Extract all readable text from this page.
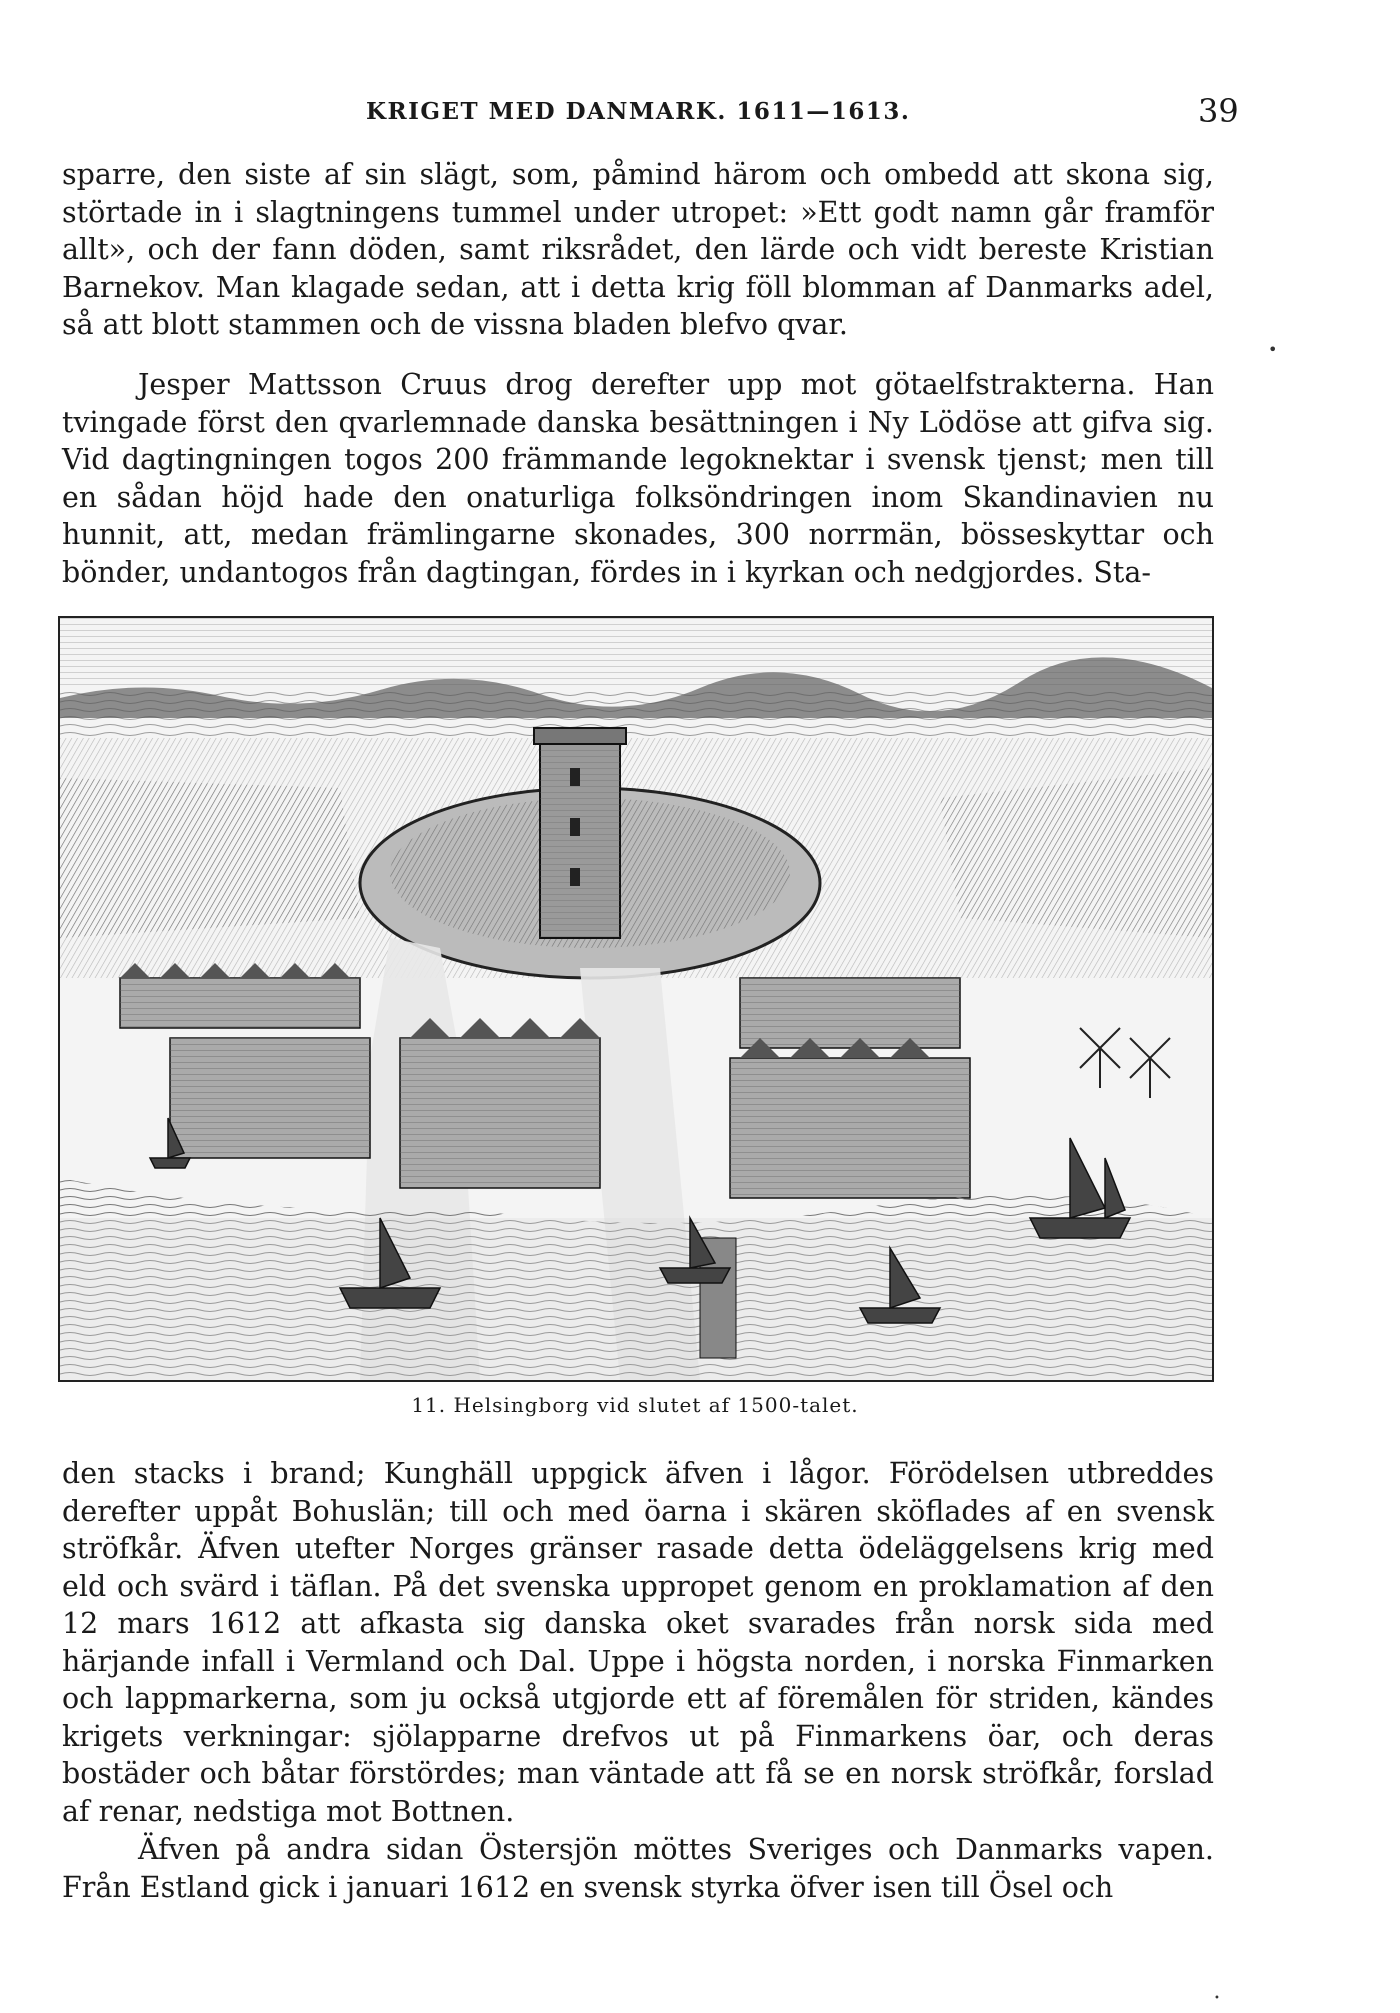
KRIGET MED DANMARK. 1611—1613.	39

sparre, den siste af sin slägt, som, påmind härom och ombedd att skona sig, störtade in i slagtningens tummel under utropet: »Ett godt namn går framför allt», och der fann döden, samt riksrådet, den lärde och vidt bereste Kristian Barnekov. Man klagade sedan, att i detta krig föll blomman af Danmarks adel, så att blott stammen och de vissna bladen blefvo qvar.

Jesper Mattsson Cruus drog derefter upp mot götaelfstrakterna. Han tvingade först den qvarlemnade danska besättningen i Ny Lödöse att gifva sig. Vid dagtingningen togos 200 främmande legoknektar i svensk tjenst; men till en sådan höjd hade den onaturliga folksöndringen inom Skandinavien nu hunnit, att, medan främlingarne skonades, 300 norrmän, bösseskyttar och bönder, undantogos från dagtingan, fördes in i kyrkan och nedgjordes. Sta-

11. Helsingborg vid slutet af 1500-talet.

den stacks i brand; Kunghäll uppgick äfven i lågor. Förödelsen utbreddes derefter uppåt Bohuslän; till och med öarna i skären sköflades af en svensk ströfkår. Äfven utefter Norges gränser rasade detta ödeläggelsens krig med eld och svärd i täflan. På det svenska uppropet genom en proklamation af den 12 mars 1612 att afkasta sig danska oket svarades från norsk sida med härjande infall i Vermland och Dal. Uppe i högsta norden, i norska Finmarken och lappmarkerna, som ju också utgjorde ett af föremålen för striden, kändes krigets verkningar: sjölapparne drefvos ut på Finmarkens öar, och deras bostäder och båtar förstördes; man väntade att få se en norsk ströfkår, forslad af renar, nedstiga mot Bottnen.

Äfven på andra sidan Östersjön möttes Sveriges och Danmarks vapen. Från Estland gick i januari 1612 en svensk styrka öfver isen till Ösel och

•
•
